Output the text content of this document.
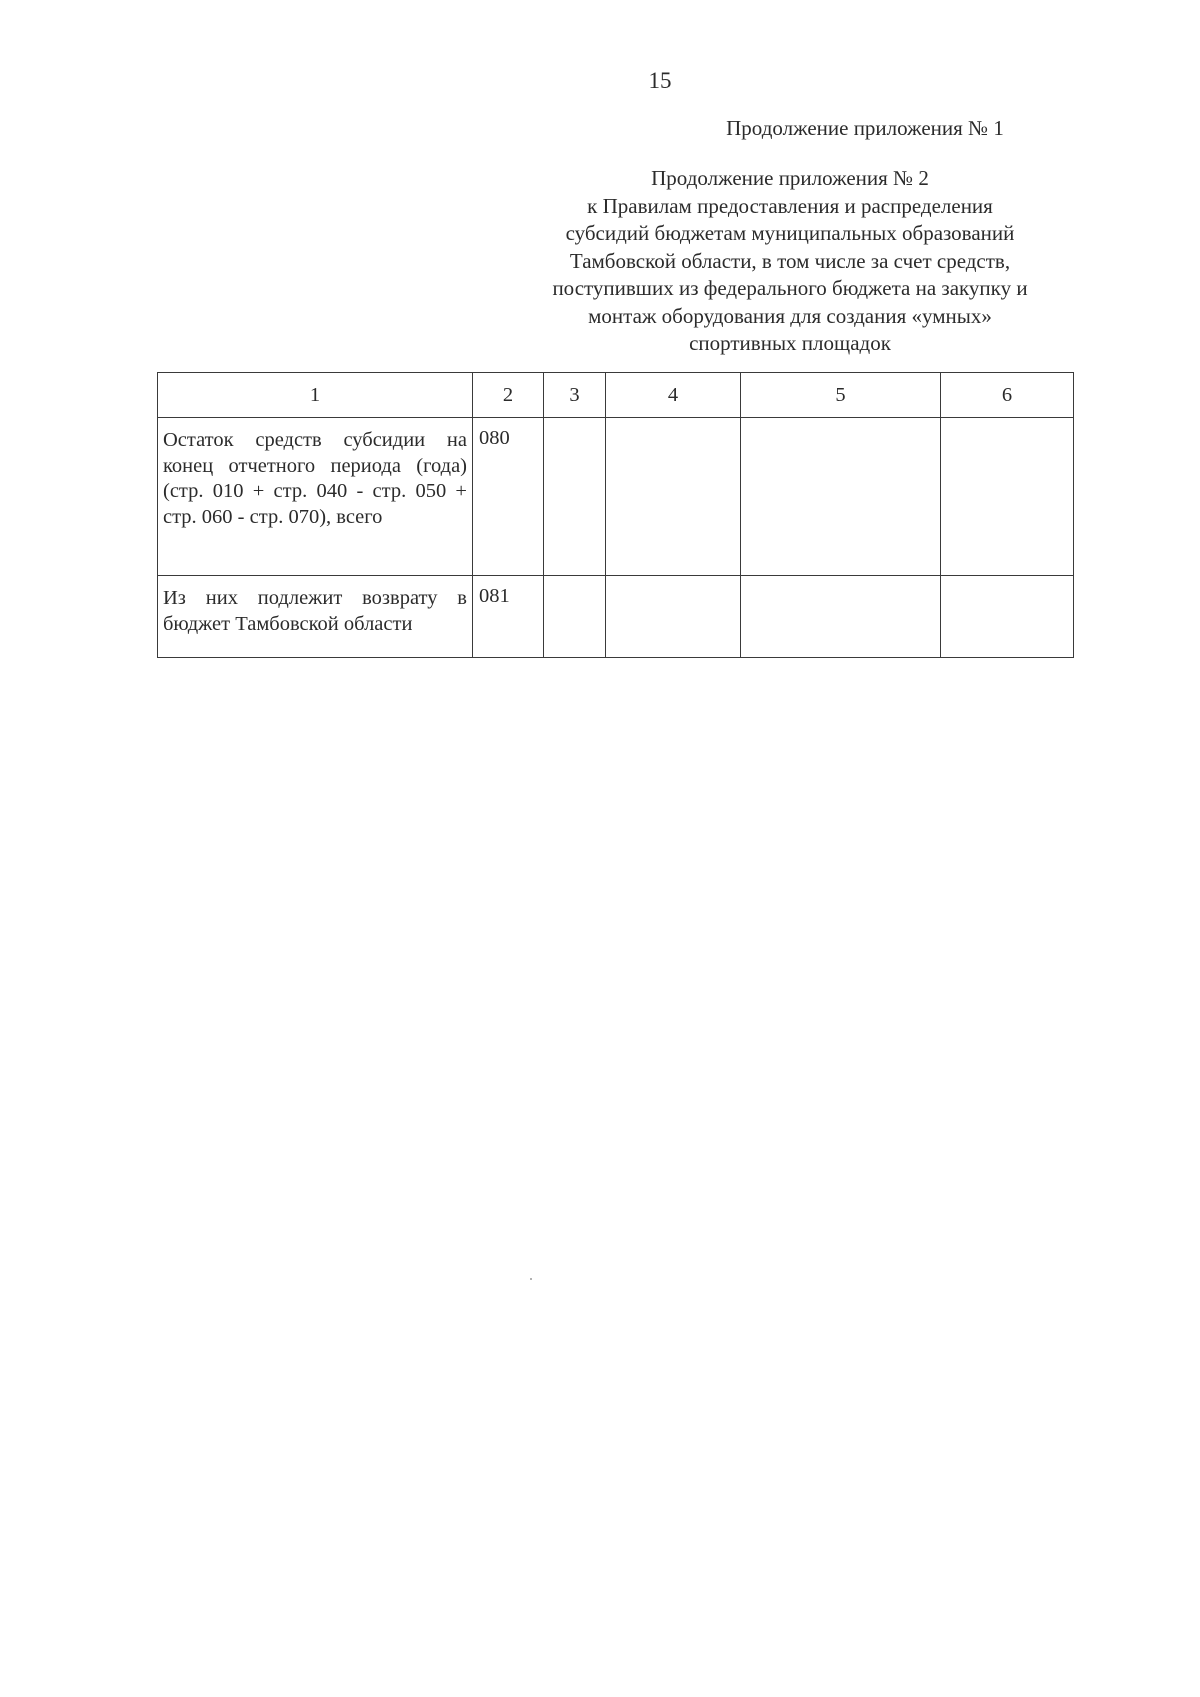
15
Продолжение приложения № 1
Продолжение приложения № 2
к Правилам предоставления и распределения
субсидий бюджетам муниципальных образований
Тамбовской области, в том числе за счет средств,
поступивших из федерального бюджета на закупку и
монтаж оборудования для создания «умных»
спортивных площадок
1	2	3	4	5	6
Остаток средств субсидии на конец отчетного периода (года) (стр. 010 + стр. 040 - стр. 050 + стр. 060 - стр. 070), всего	080				
Из них подлежит возврату в бюджет Тамбовской области	081				
